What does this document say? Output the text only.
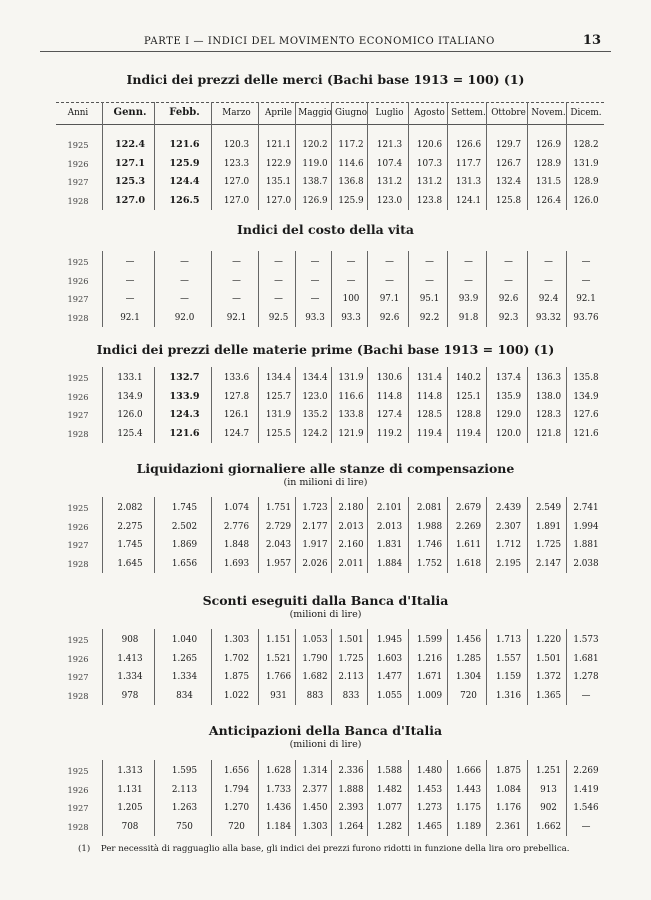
PARTE I — INDICI DEL MOVIMENTO ECONOMICO ITALIANO	13
Indici dei prezzi delle merci (Bachi base 1913 = 100) (1)
Anni	Genn.	Febb.	Marzo	Aprile Maggio Giugno Luglio	Agosto Settem. Ottobre Novem. Dicem.
1925	122.4	121.6	120.3	121.1	120.2	117.2	121.3	120.6	126.6	129.7	126.9	128.2
1926	127.1	125.9	123.3	122.9	119.0	114.6	107.4	107.3	117.7	126.7	128.9	131.9
1927	125.3	124.4	127.0	135.1	138.7	136.8	131.2	131.2	131.3	132.4	131.5	128.9
1928	127.0	126.5	127.0	127.0	126.9	125.9	123.0	123.8	124.1	125.8	126.4	126.0
Indici del costo della vita
1925	—	—	—	—	—	—	—	—	—	—	—	—
1926	—	—	—	—	—	—	—	—	—	—	—	—
1927	—	—	—	—	—	100	97.1	95.1	93.9	92.6	92.4	92.1
1928	92.1	92.0	92.1	92.5	93.3	93.3	92.6	92.2	91.8	92.3	93.32	93.76
Indici dei prezzi delle materie prime (Bachi base 1913 = 100) (1)
1925	133.1	132.7	133.6	134.4	134.4	131.9	130.6	131.4	140.2	137.4	136.3	135.8
1926	134.9	133.9	127.8	125.7	123.0	116.6	114.8	114.8	125.1	135.9	138.0	134.9
1927	126.0	124.3	126.1	131.9	135.2	133.8	127.4	128.5	128.8	129.0	128.3	127.6
1928	125.4	121.6	124.7	125.5	124.2	121.9	119.2	119.4	119.4	120.0	121.8	121.6
Liquidazioni giornaliere alle stanze di compensazione
(in milioni di lire)
1925	2.082	1.745	1.074	1.751	1.723	2.180	2.101	2.081	2.679	2.439	2.549	2.741
1926	2.275	2.502	2.776	2.729	2.177	2.013	2.013	1.988	2.269	2.307	1.891	1.994
1927	1.745	1.869	1.848	2.043	1.917	2.160	1.831	1.746	1.611	1.712	1.725	1.881
1928	1.645	1.656	1.693	1.957	2.026	2.011	1.884	1.752	1.618	2.195	2.147	2.038
Sconti eseguiti dalla Banca d'Italia
(milioni di lire)
1925	908	1.040	1.303	1.151	1.053	1.501	1.945	1.599	1.456	1.713	1.220	1.573
1926	1.413	1.265	1.702	1.521	1.790	1.725	1.603	1.216	1.285	1.557	1.501	1.681
1927	1.334	1.334	1.875	1.766	1.682	2.113	1.477	1.671	1.304	1.159	1.372	1.278
1928	978	834	1.022	931	883	833	1.055	1.009	720	1.316	1.365	—
Anticipazioni della Banca d'Italia
(milioni di lire)
1925	1.313	1.595	1.656	1.628	1.314	2.336	1.588	1.480	1.666	1.875	1.251	2.269
1926	1.131	2.113	1.794	1.733	2.377	1.888	1.482	1.453	1.443	1.084	913	1.419
1927	1.205	1.263	1.270	1.436	1.450	2.393	1.077	1.273	1.175	1.176	902	1.546
1928	708	750	720	1.184	1.303	1.264	1.282	1.465	1.189	2.361	1.662	—
(1) Per necessità di ragguaglio alla base, gli indici dei prezzi furono ridotti in funzione della lira oro prebellica.
